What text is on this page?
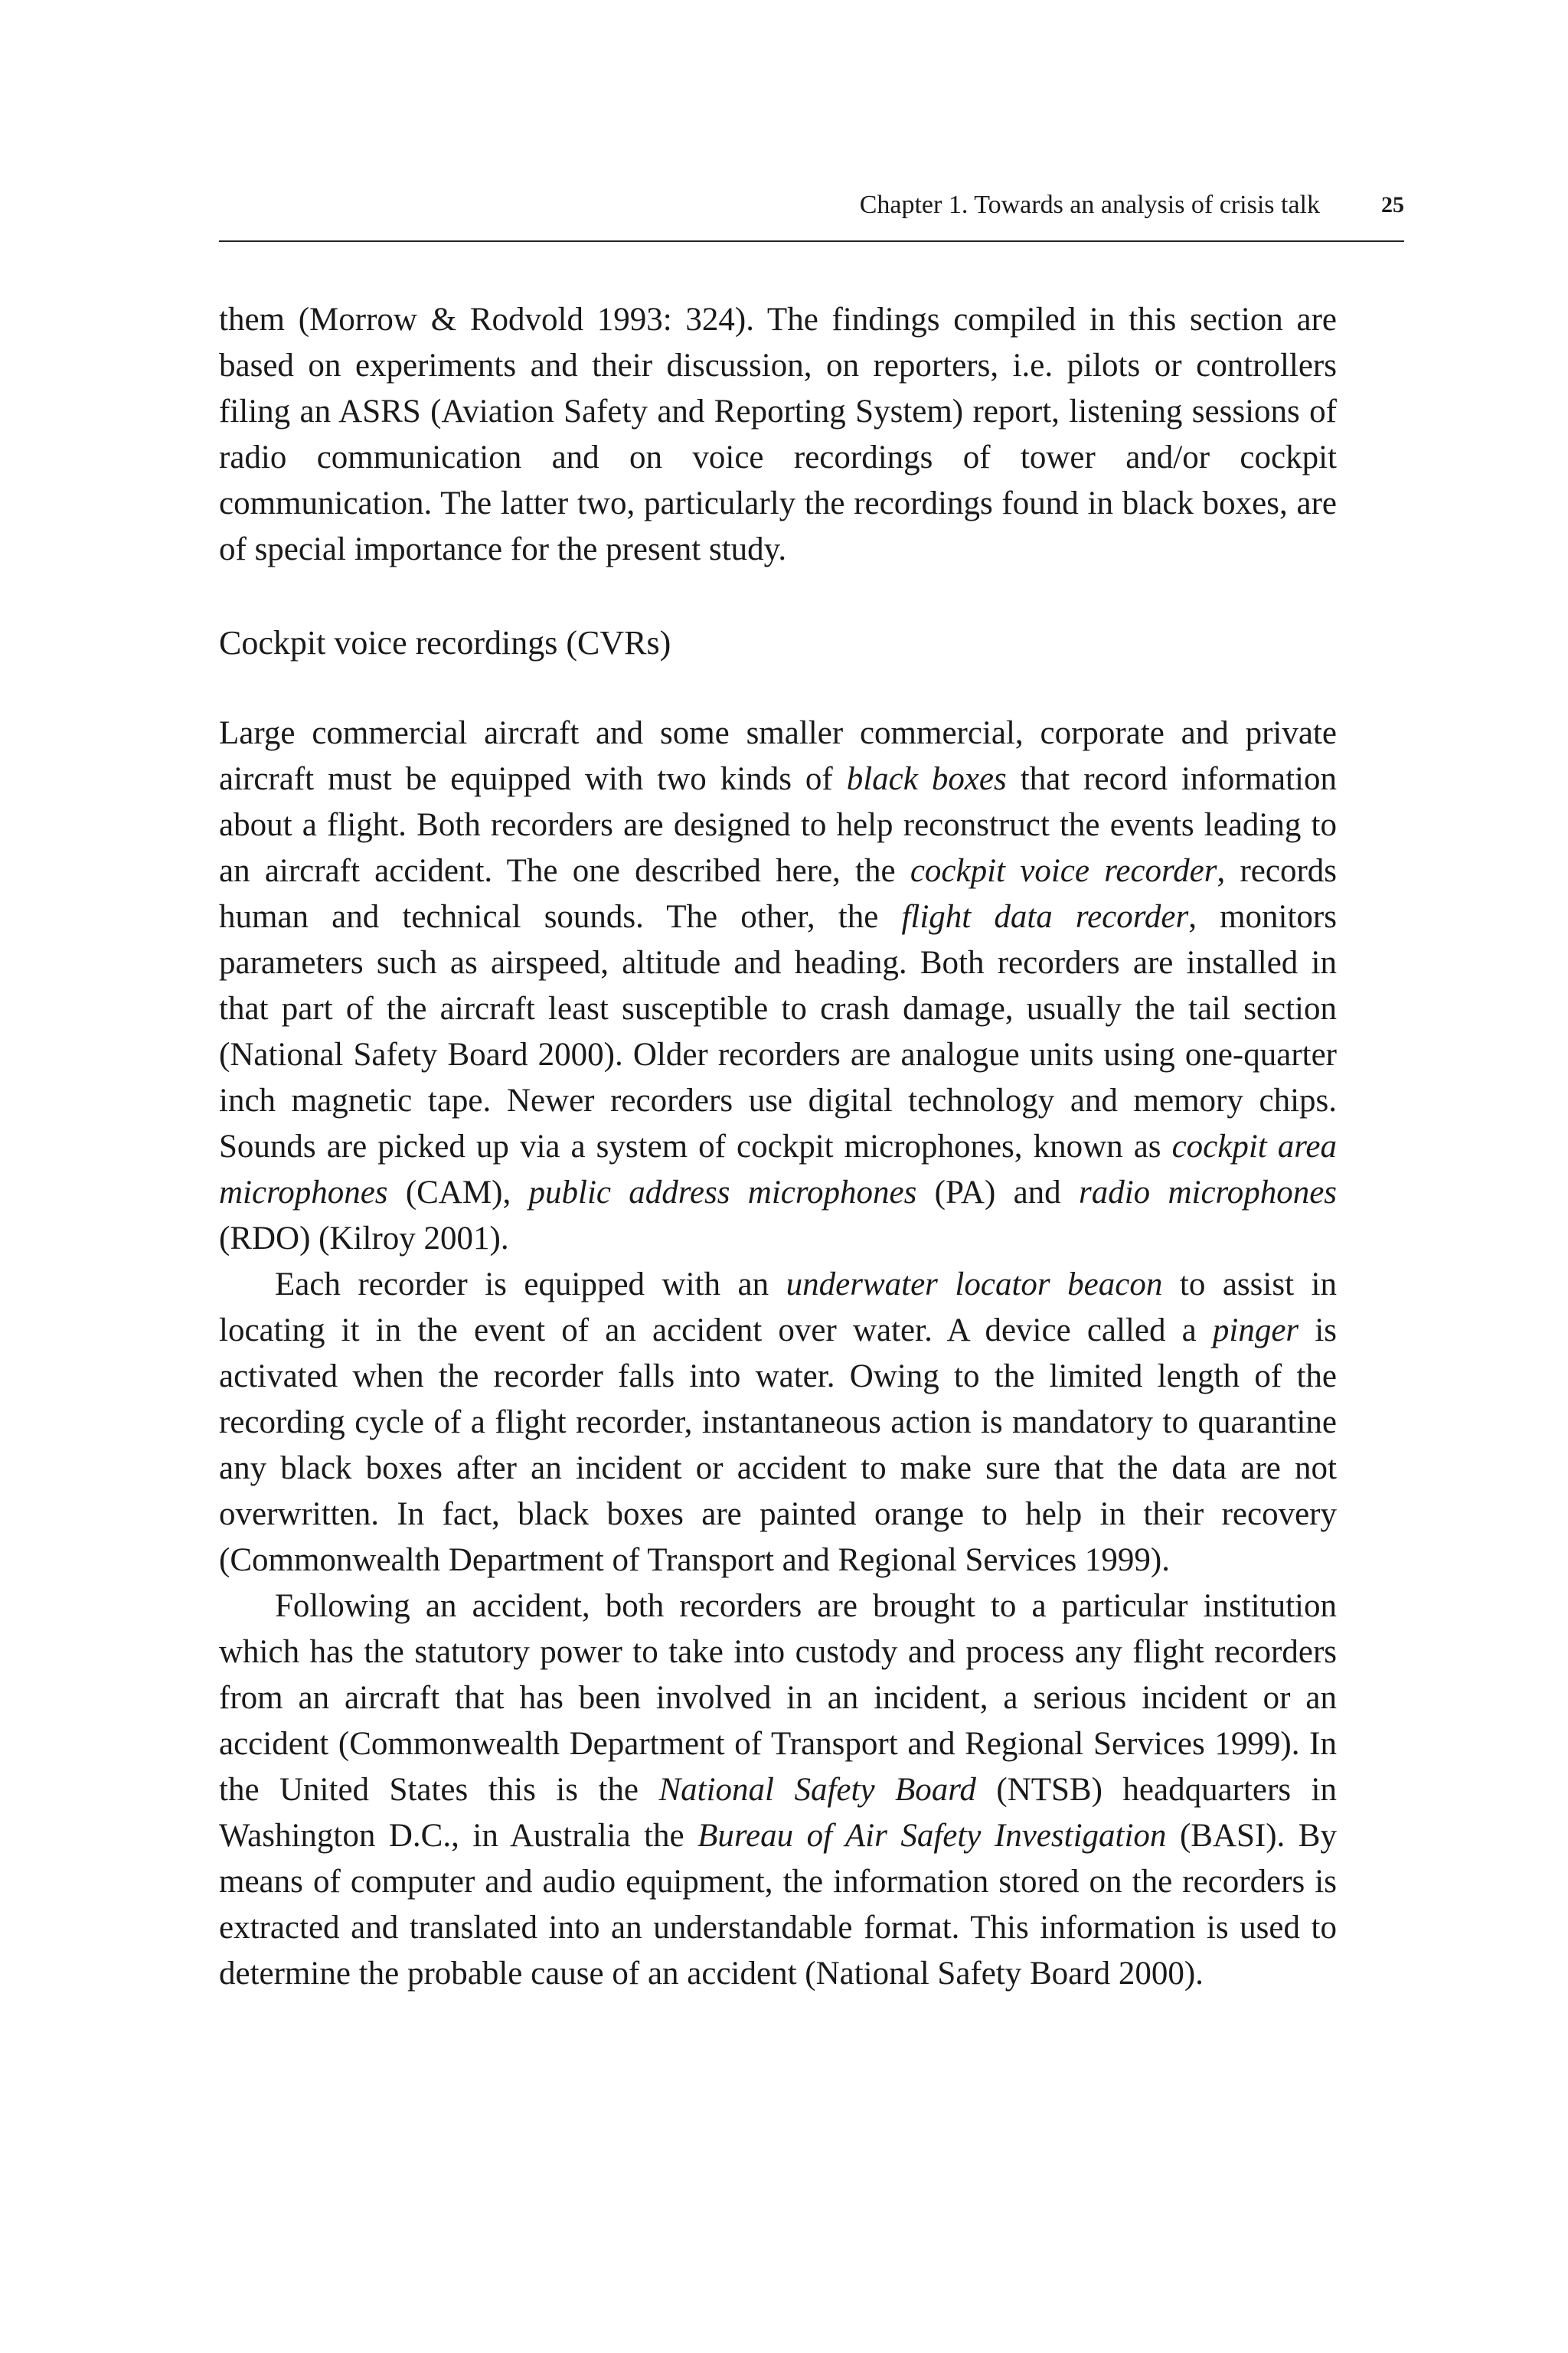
Chapter 1. Towards an analysis of crisis talk	25

them (Morrow & Rodvold 1993: 324). The findings compiled in this section are based on experiments and their discussion, on reporters, i.e. pilots or controllers filing an ASRS (Aviation Safety and Reporting System) report, listening sessions of radio communication and on voice recordings of tower and/or cockpit communication. The latter two, particularly the recordings found in black boxes, are of special importance for the present study.

Cockpit voice recordings (CVRs)

Large commercial aircraft and some smaller commercial, corporate and private aircraft must be equipped with two kinds of black boxes that record information about a flight. Both recorders are designed to help reconstruct the events leading to an aircraft accident. The one described here, the cockpit voice recorder, records human and technical sounds. The other, the flight data recorder, monitors parameters such as airspeed, altitude and heading. Both recorders are installed in that part of the aircraft least susceptible to crash damage, usually the tail section (National Safety Board 2000). Older recorders are analogue units using one-quarter inch magnetic tape. Newer recorders use digital technology and memory chips. Sounds are picked up via a system of cockpit microphones, known as cockpit area microphones (CAM), public address microphones (PA) and radio microphones (RDO) (Kilroy 2001).

Each recorder is equipped with an underwater locator beacon to assist in locating it in the event of an accident over water. A device called a pinger is activated when the recorder falls into water. Owing to the limited length of the recording cycle of a flight recorder, instantaneous action is mandatory to quarantine any black boxes after an incident or accident to make sure that the data are not overwritten. In fact, black boxes are painted orange to help in their recovery (Commonwealth Department of Transport and Regional Services 1999).

Following an accident, both recorders are brought to a particular institution which has the statutory power to take into custody and process any flight recorders from an aircraft that has been involved in an incident, a serious incident or an accident (Commonwealth Department of Transport and Regional Services 1999). In the United States this is the National Safety Board (NTSB) headquarters in Washington D.C., in Australia the Bureau of Air Safety Investigation (BASI). By means of computer and audio equipment, the information stored on the recorders is extracted and translated into an understandable format. This information is used to determine the probable cause of an accident (National Safety Board 2000).
